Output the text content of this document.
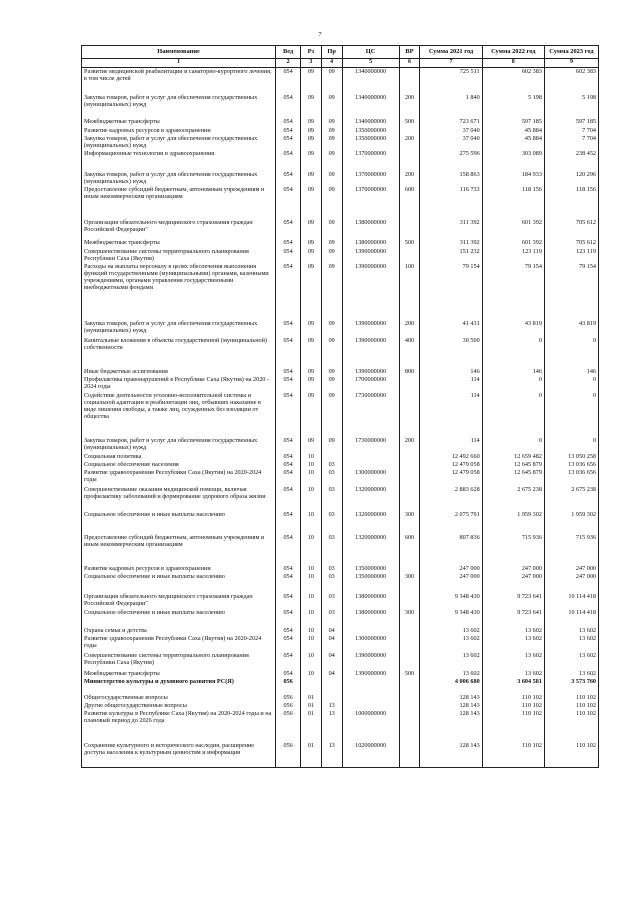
7
Наименование	Вед	Рз	Пр	ЦС	ВР	Сумма 2021 год	Сумма 2022 год	Сумма 2023 год
1	2	3	4	5	6	7	8	9
Развитие медицинской реабилитации и санаторно-курортного лечения, в том числе детей	054	09	09	1340000000		725 511	602 383	602 383
Закупка товаров, работ и услуг для обеспечения государственных (муниципальных) нужд	054	09	09	1340000000	200	1 840	5 198	5 198
Межбюджетные трансферты	054	09	09	1340000000	500	723 671	597 185	597 185
Развитие кадровых ресурсов в здравоохранении	054	09	09	1350000000		37 040	45 884	7 704
Закупка товаров, работ и услуг для обеспечения государственных (муниципальных) нужд	054	09	09	1350000000	200	37 040	45 884	7 704
Информационные технологии в здравоохранении	054	09	09	1370000000		275 596	303 089	238 452
Закупка товаров, работ и услуг для обеспечения государственных (муниципальных) нужд	054	09	09	1370000000	200	158 863	184 933	120 296
Предоставление субсидий бюджетным, автономным учреждениям и иным некоммерческим организациям	054	09	09	1370000000	600	116 733	118 156	118 156
Организация обязательного медицинского страхования граждан Российской Федерации"	054	09	09	1380000000		311 392	601 392	705 612
Межбюджетные трансферты	054	09	09	1380000000	500	311 392	601 392	705 612
Совершенствование системы территориального планирования Республики Саха (Якутия)	054	09	09	1390000000		151 232	123 119	123 119
Расходы на выплаты персоналу в целях обеспечения выполнения функций государственными (муниципальными) органами, казенными учреждениями, органами управления государственными внебюджетными фондами	054	09	09	1390000000	100	79 154	79 154	79 154
Закупка товаров, работ и услуг для обеспечения государственных (муниципальных) нужд	054	09	09	1390000000	200	41 431	43 819	43 819
Капитальные вложения в объекты государственной (муниципальной) собственности	054	09	09	1390000000	400	30 500	0	0
Иные бюджетные ассигнования	054	09	09	1390000000	800	146	146	146
Профилактика правонарушений в Республике Саха (Якутия) на 2020 - 2024 годы	054	09	09	1700000000		114	0	0
Содействие деятельности уголовно-исполнительной системы и социальной адаптации и реабилитации лиц, отбывших наказание в виде лишения свободы, а также лиц, осужденных без изоляции от общества	054	09	09	1730000000		114	0	0
Закупка товаров, работ и услуг для обеспечения государственных (муниципальных) нужд	054	09	09	1730000000	200	114	0	0
Социальная политика	054	10				12 492 660	12 659 482	13 050 258
Социальное обеспечение населения	054	10	03			12 479 058	12 645 879	13 036 656
Развитие здравоохранения Республики Саха (Якутия) на 2020-2024 годы	054	10	03	1300000000		12 479 058	12 645 879	13 036 656
Совершенствование оказания медицинской помощи, включая профилактику заболеваний и формирование здорового образа жизни	054	10	03	1320000000		2 883 628	2 675 238	2 675 238
Социальное обеспечение и иные выплаты населению	054	10	03	1320000000	300	2 075 791	1 959 302	1 959 302
Предоставление субсидий бюджетным, автономным учреждениям и иным некоммерческим организациям	054	10	03	1320000000	600	807 836	715 936	715 936
Развитие кадровых ресурсов в здравоохранении	054	10	03	1350000000		247 000	247 000	247 000
Социальное обеспечение и иные выплаты населению	054	10	03	1350000000	300	247 000	247 000	247 000
Организация обязательного медицинского страхования граждан Российской Федерации"	054	10	03	1380000000		9 348 430	9 723 641	10 114 418
Социальное обеспечение и иные выплаты населению	054	10	03	1380000000	300	9 348 430	9 723 641	10 114 418
Охрана семьи и детства	054	10	04			13 602	13 602	13 602
Развитие здравоохранения Республики Саха (Якутия) на 2020-2024 годы	054	10	04	1300000000		13 602	13 602	13 602
Совершенствование системы территориального планирования Республики Саха (Якутия)	054	10	04	1390000000		13 602	13 602	13 602
Межбюджетные трансферты	054	10	04	1390000000	500	13 602	13 602	13 602
Министерство культуры и духовного развития РС(Я)	056					4 006 680	3 604 581	3 573 760
Общегосударственные вопросы	056	01				128 143	110 102	110 102
Другие общегосударственные вопросы	056	01	13			128 143	110 102	110 102
Развитие культуры в Республике Саха (Якутия) на 2020-2024 годы и на плановый период до 2026 года	056	01	13	1000000000		128 143	110 102	110 102
Сохранение культурного и исторического наследия, расширение доступа населения к культурным ценностям и информации	056	01	13	1020000000		128 143	110 102	110 102
